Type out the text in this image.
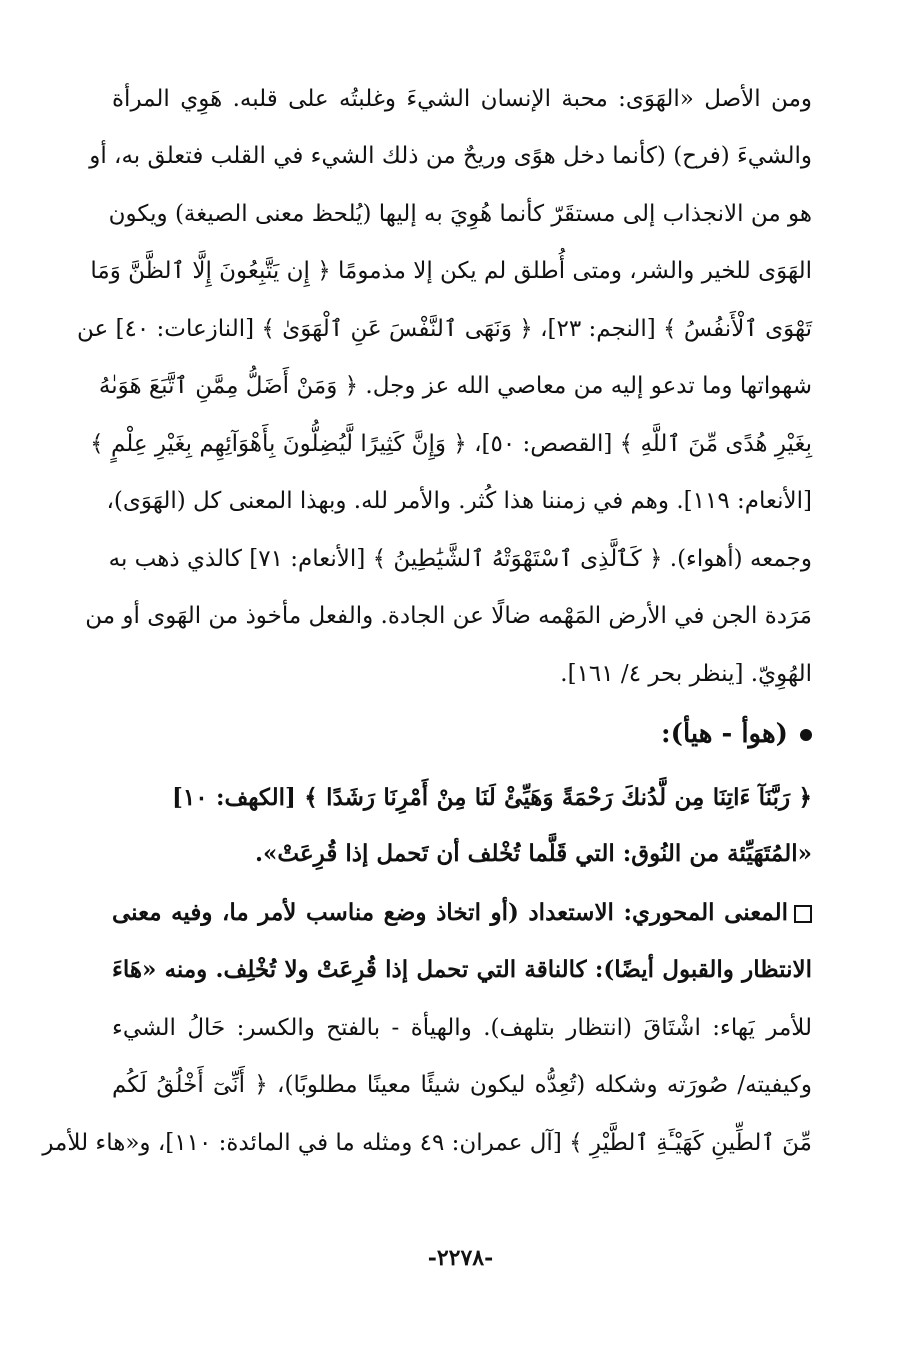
ومن الأصل «الهَوَى: محبة الإنسان الشيءَ وغلبتُه على قلبه. هَوِي المرأة
والشيءَ (فرح) (كأنما دخل هوًى وريحٌ من ذلك الشيء في القلب فتعلق به، أو
هو من الانجذاب إلى مستقَرّ كأنما هُوِيَ به إليها (يُلحظ معنى الصيغة) ويكون
الهَوَى للخير والشر، ومتى أُطلق لم يكن إلا مذمومًا ﴿ إِن يَتَّبِعُونَ إِلَّا ٱلظَّنَّ وَمَا
تَهْوَى ٱلْأَنفُسُ ﴾ [النجم: ٢٣]، ﴿ وَنَهَى ٱلنَّفْسَ عَنِ ٱلْهَوَىٰ ﴾ [النازعات: ٤٠] عن
شهواتها وما تدعو إليه من معاصي الله عز وجل. ﴿ وَمَنْ أَضَلُّ مِمَّنِ ٱتَّبَعَ هَوَىٰهُ
بِغَيْرِ هُدًى مِّنَ ٱللَّهِ ﴾ [القصص: ٥٠]، ﴿ وَإِنَّ كَثِيرًا لَّيُضِلُّونَ بِأَهْوَآئِهِم بِغَيْرِ عِلْمٍ ﴾
[الأنعام: ١١٩]. وهم في زمننا هذا كُثر. والأمر لله. وبهذا المعنى كل (الهَوَى)،
وجمعه (أهواء). ﴿ كَٱلَّذِى ٱسْتَهْوَتْهُ ٱلشَّيَٰطِينُ ﴾ [الأنعام: ٧١] كالذي ذهب به
مَرَدة الجن في الأرض المَهْمه ضالًا عن الجادة. والفعل مأخوذ من الهَوى أو من
الهُوِيّ. [ينظر بحر ٤/ ١٦١].
(هوأ - هيأ):
﴿ رَبَّنَآ ءَاتِنَا مِن لَّدُنكَ رَحْمَةً وَهَيِّئْ لَنَا مِنْ أَمْرِنَا رَشَدًا ﴾ [الكهف: ١٠]
«المُتَهَيِّئة من النُوق: التي قَلَّما تُخْلف أن تَحمل إذا قُرِعَتْ».
المعنى المحوري: الاستعداد (أو اتخاذ وضع مناسب لأمر ما، وفيه معنى
الانتظار والقبول أيضًا): كالناقة التي تحمل إذا قُرِعَتْ ولا تُخْلِف. ومنه «هَاءَ
للأمر يَهاء: اشْتَاقَ (انتظار بتلهف). والهيأة - بالفتح والكسر: حَالُ الشيء
وكيفيته/ صُورَته وشكله (تُعِدُّه ليكون شيئًا معينًا مطلوبًا)، ﴿ أَنِّىٓ أَخْلُقُ لَكُم
مِّنَ ٱلطِّينِ كَهَيْـَٔةِ ٱلطَّيْرِ ﴾ [آل عمران: ٤٩ ومثله ما في المائدة: ١١٠]، و«هاء للأمر
-٢٢٧٨-
